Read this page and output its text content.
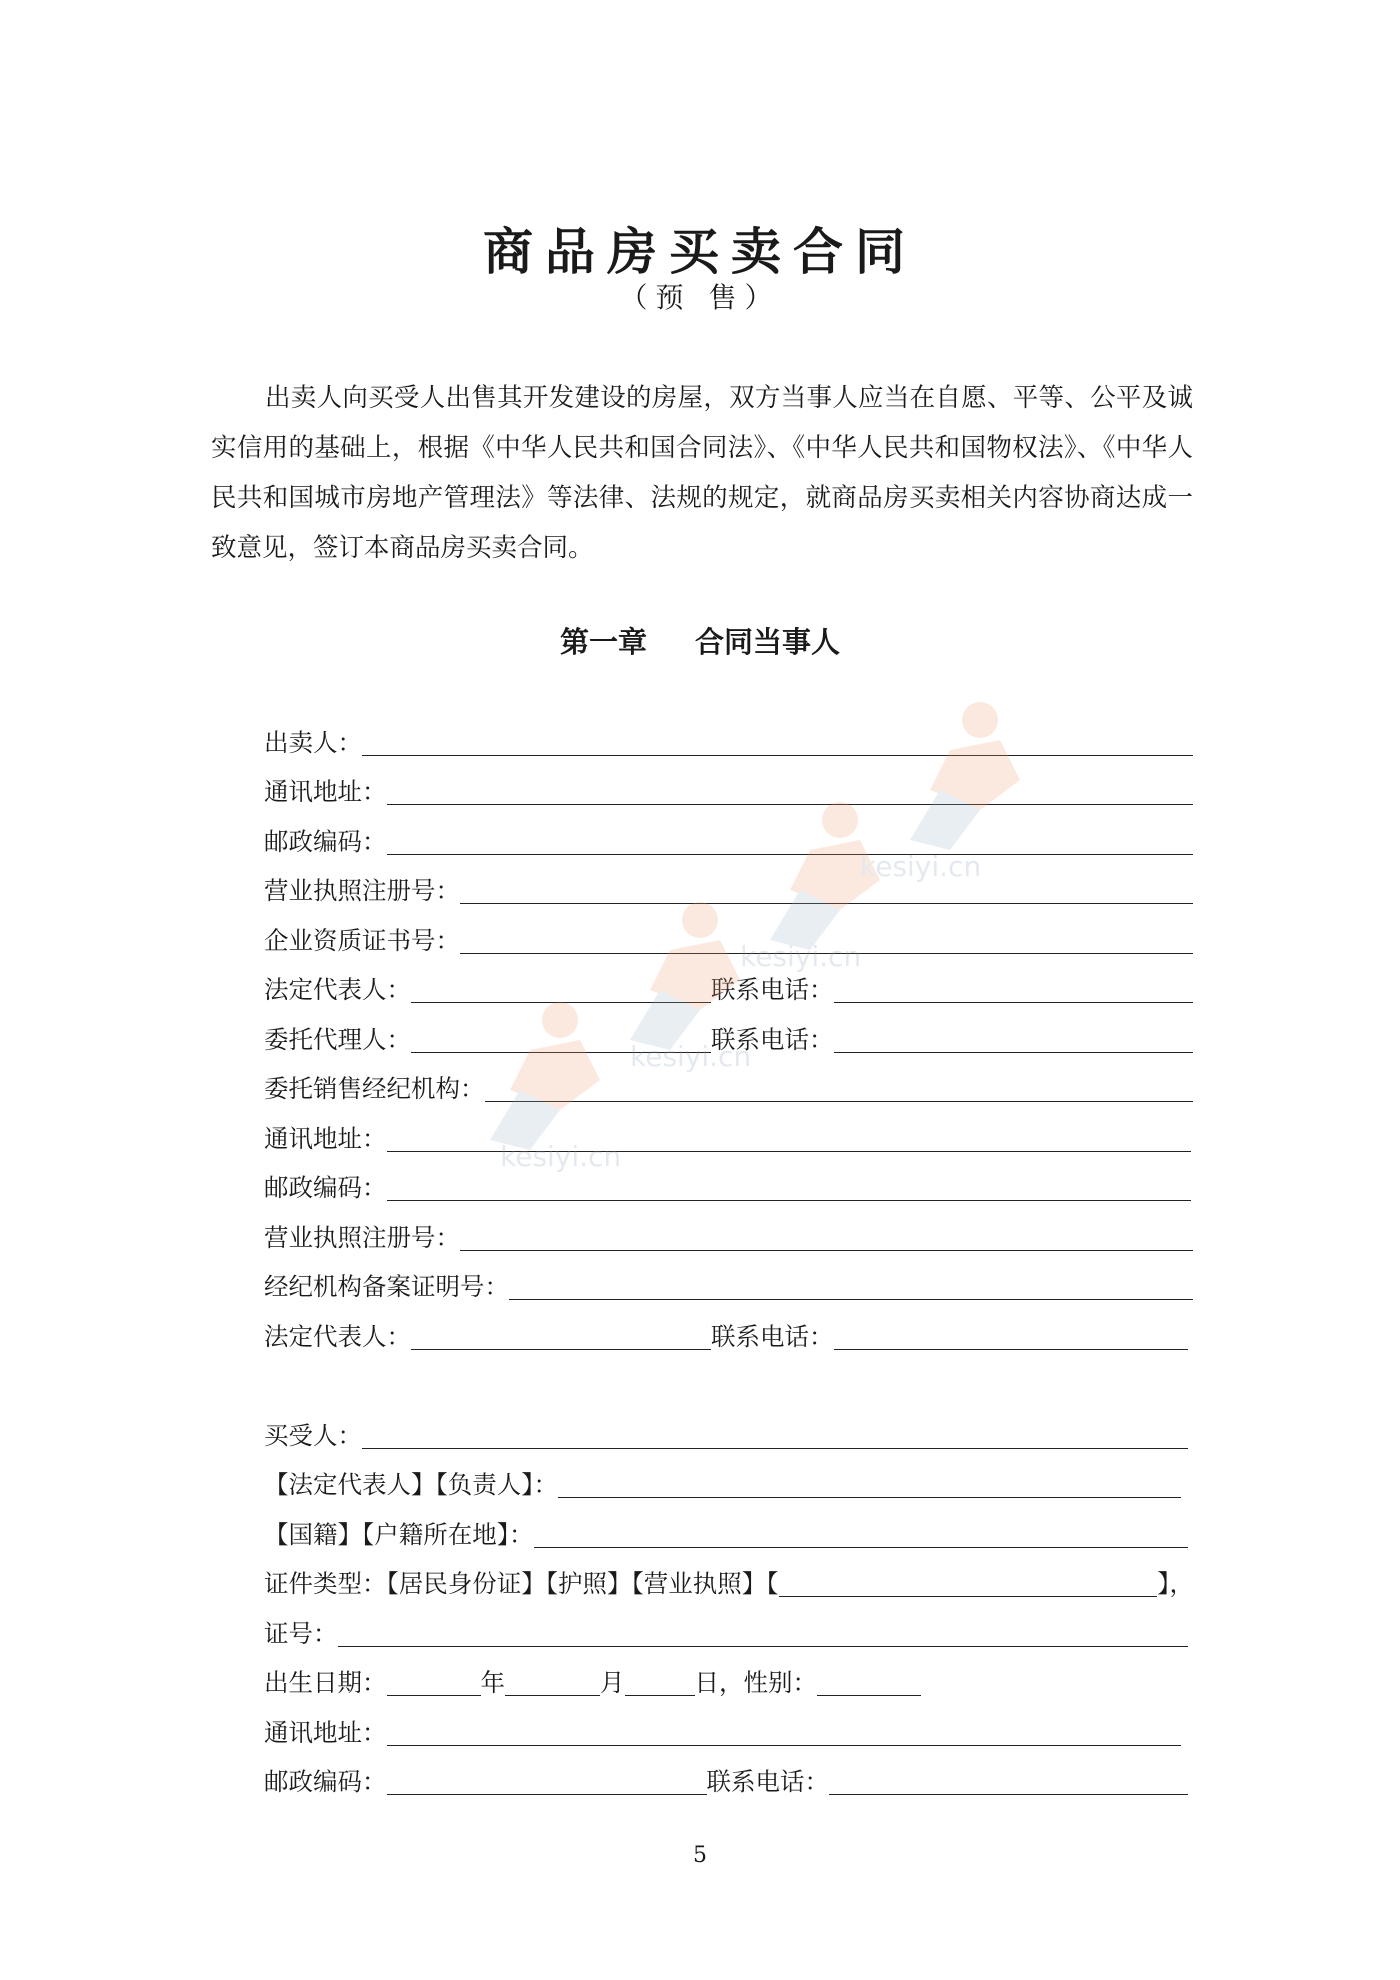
商品房买卖合同
（预 售）
出卖人向买受人出售其开发建设的房屋，双方当事人应当在自愿、平等、公平及诚实信用的基础上，根据《中华人民共和国合同法》、《中华人民共和国物权法》、《中华人民共和国城市房地产管理法》等法律、法规的规定，就商品房买卖相关内容协商达成一致意见，签订本商品房买卖合同。
第一章 合同当事人
出卖人：
通讯地址：
邮政编码：
营业执照注册号：
企业资质证书号：
法定代表人：	联系电话：
委托代理人：	联系电话：
委托销售经纪机构：
通讯地址：
邮政编码：
营业执照注册号：
经纪机构备案证明号：
法定代表人：	联系电话：
买受人：
【法定代表人】【负责人】：
【国籍】【户籍所在地】：
证件类型：【居民身份证】【护照】【营业执照】【	】，
证号：
出生日期：	年	月	日，性别：
通讯地址：
邮政编码：	联系电话：
5
kesiyi.cn
kesiyi.cn
kesiyi.cn
kesiyi.cn
